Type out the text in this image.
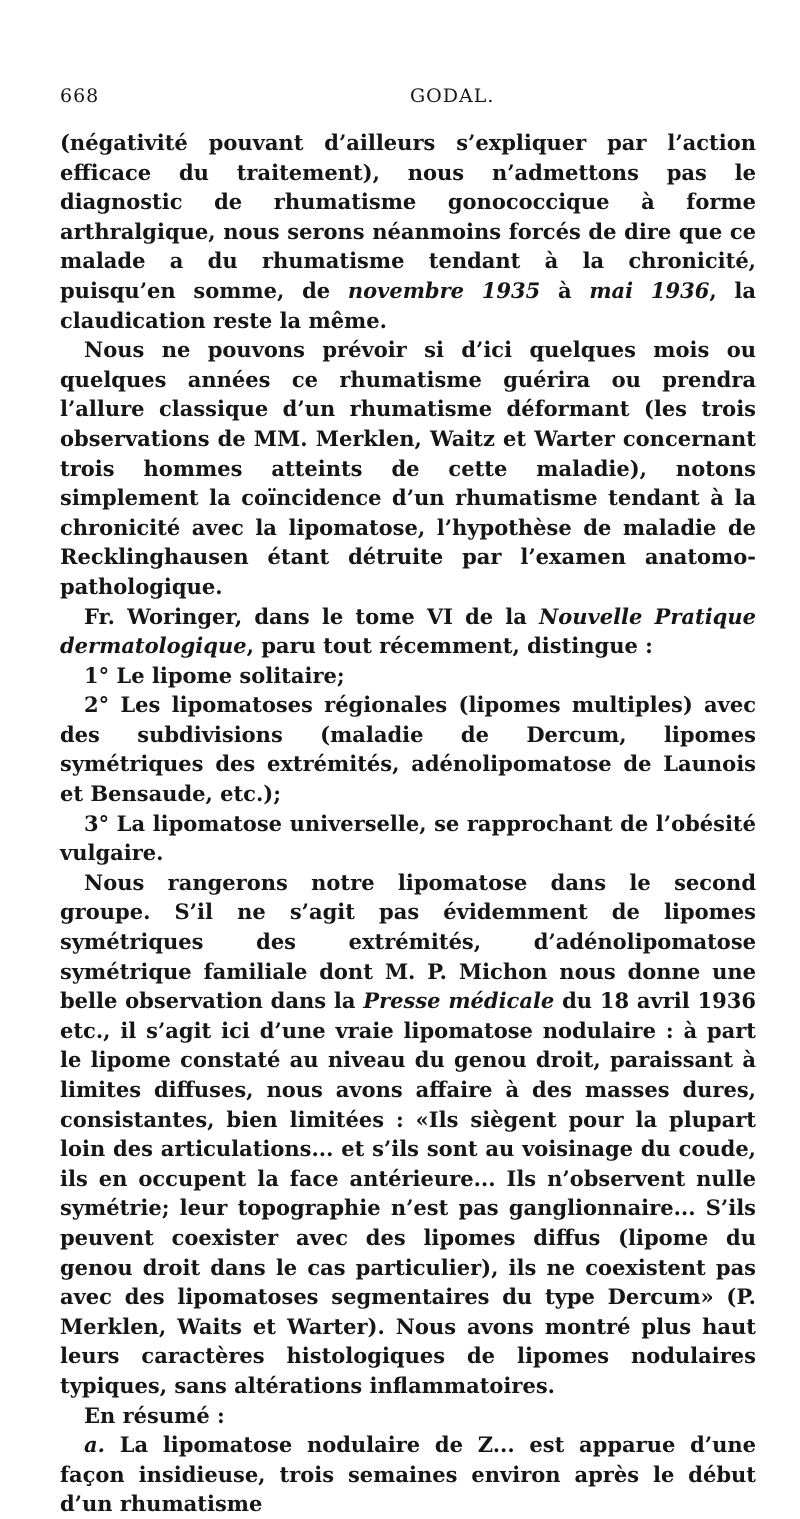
668	GODAL.

(négativité pouvant d’ailleurs s’expliquer par l’action efficace du traitement), nous n’admettons pas le diagnostic de rhumatisme gonococcique à forme arthralgique, nous serons néanmoins forcés de dire que ce malade a du rhumatisme tendant à la chronicité, puisqu’en somme, de novembre 1935 à mai 1936, la claudication reste la même.

Nous ne pouvons prévoir si d’ici quelques mois ou quelques années ce rhumatisme guérira ou prendra l’allure classique d’un rhumatisme déformant (les trois observations de MM. Merklen, Waitz et Warter concernant trois hommes atteints de cette maladie), notons simplement la coïncidence d’un rhumatisme tendant à la chronicité avec la lipomatose, l’hypothèse de maladie de Recklinghausen étant détruite par l’examen anatomo-pathologique.

Fr. Woringer, dans le tome VI de la Nouvelle Pratique dermatologique, paru tout récemment, distingue :

1° Le lipome solitaire;

2° Les lipomatoses régionales (lipomes multiples) avec des subdivisions (maladie de Dercum, lipomes symétriques des extrémités, adénolipomatose de Launois et Bensaude, etc.);

3° La lipomatose universelle, se rapprochant de l’obésité vulgaire.

Nous rangerons notre lipomatose dans le second groupe. S’il ne s’agit pas évidemment de lipomes symétriques des extrémités, d’adénolipomatose symétrique familiale dont M. P. Michon nous donne une belle observation dans la Presse médicale du 18 avril 1936 etc., il s’agit ici d’une vraie lipomatose nodulaire : à part le lipome constaté au niveau du genou droit, paraissant à limites diffuses, nous avons affaire à des masses dures, consistantes, bien limitées : «Ils siègent pour la plupart loin des articulations... et s’ils sont au voisinage du coude, ils en occupent la face antérieure... Ils n’observent nulle symétrie; leur topographie n’est pas ganglionnaire... S’ils peuvent coexister avec des lipomes diffus (lipome du genou droit dans le cas particulier), ils ne coexistent pas avec des lipomatoses segmentaires du type Dercum» (P. Merklen, Waits et Warter). Nous avons montré plus haut leurs caractères histologiques de lipomes nodulaires typiques, sans altérations inflammatoires.

En résumé :

a. La lipomatose nodulaire de Z... est apparue d’une façon insidieuse, trois semaines environ après le début d’un rhumatisme
